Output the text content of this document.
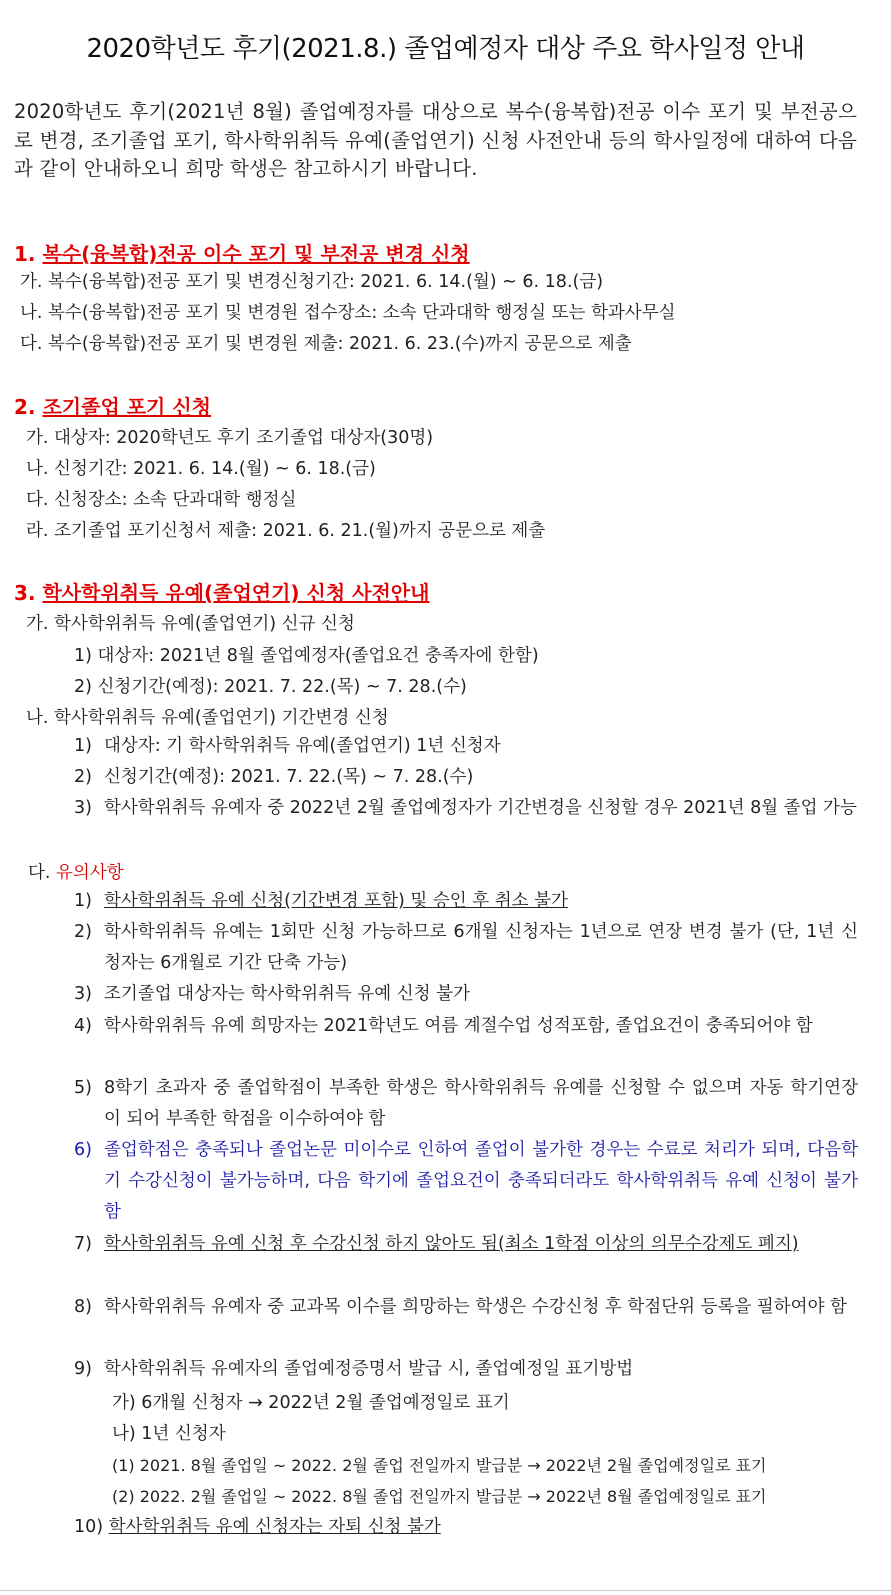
2020학년도 후기(2021.8.) 졸업예정자 대상 주요 학사일정 안내
2020학년도 후기(2021년 8월) 졸업예정자를 대상으로 복수(융복합)전공 이수 포기 및 부전공으로 변경, 조기졸업 포기, 학사학위취득 유예(졸업연기) 신청 사전안내 등의 학사일정에 대하여 다음과 같이 안내하오니 희망 학생은 참고하시기 바랍니다.
1. 복수(융복합)전공 이수 포기 및 부전공 변경 신청
가. 복수(융복합)전공 포기 및 변경신청기간: 2021. 6. 14.(월) ~ 6. 18.(금)
나. 복수(융복합)전공 포기 및 변경원 접수장소: 소속 단과대학 행정실 또는 학과사무실
다. 복수(융복합)전공 포기 및 변경원 제출: 2021. 6. 23.(수)까지 공문으로 제출
2. 조기졸업 포기 신청
가. 대상자: 2020학년도 후기 조기졸업 대상자(30명)
나. 신청기간: 2021. 6. 14.(월) ~ 6. 18.(금)
다. 신청장소: 소속 단과대학 행정실
라. 조기졸업 포기신청서 제출: 2021. 6. 21.(월)까지 공문으로 제출
3. 학사학위취득 유예(졸업연기) 신청 사전안내
가. 학사학위취득 유예(졸업연기) 신규 신청
1) 대상자: 2021년 8월 졸업예정자(졸업요건 충족자에 한함)
2) 신청기간(예정): 2021. 7. 22.(목) ~ 7. 28.(수)
나. 학사학위취득 유예(졸업연기) 기간변경 신청
1) 대상자: 기 학사학위취득 유예(졸업연기) 1년 신청자
2) 신청기간(예정): 2021. 7. 22.(목) ~ 7. 28.(수)
3) 학사학위취득 유예자 중 2022년 2월 졸업예정자가 기간변경을 신청할 경우 2021년 8월 졸업 가능
다. 유의사항
1) 학사학위취득 유예 신청(기간변경 포함) 및 승인 후 취소 불가
2) 학사학위취득 유예는 1회만 신청 가능하므로 6개월 신청자는 1년으로 연장 변경 불가 (단, 1년 신청자는 6개월로 기간 단축 가능)
3) 조기졸업 대상자는 학사학위취득 유예 신청 불가
4) 학사학위취득 유예 희망자는 2021학년도 여름 계절수업 성적포함, 졸업요건이 충족되어야 함
5) 8학기 초과자 중 졸업학점이 부족한 학생은 학사학위취득 유예를 신청할 수 없으며 자동 학기연장이 되어 부족한 학점을 이수하여야 함
6) 졸업학점은 충족되나 졸업논문 미이수로 인하여 졸업이 불가한 경우는 수료로 처리가 되며, 다음학기 수강신청이 불가능하며, 다음 학기에 졸업요건이 충족되더라도 학사학위취득 유예 신청이 불가함
7) 학사학위취득 유예 신청 후 수강신청 하지 않아도 됨(최소 1학점 이상의 의무수강제도 폐지)
8) 학사학위취득 유예자 중 교과목 이수를 희망하는 학생은 수강신청 후 학점단위 등록을 필하여야 함
9) 학사학위취득 유예자의 졸업예정증명서 발급 시, 졸업예정일 표기방법
가) 6개월 신청자 → 2022년 2월 졸업예정일로 표기
나) 1년 신청자
(1) 2021. 8월 졸업일 ~ 2022. 2월 졸업 전일까지 발급분 → 2022년 2월 졸업예정일로 표기
(2) 2022. 2월 졸업일 ~ 2022. 8월 졸업 전일까지 발급분 → 2022년 8월 졸업예정일로 표기
10) 학사학위취득 유예 신청자는 자퇴 신청 불가
